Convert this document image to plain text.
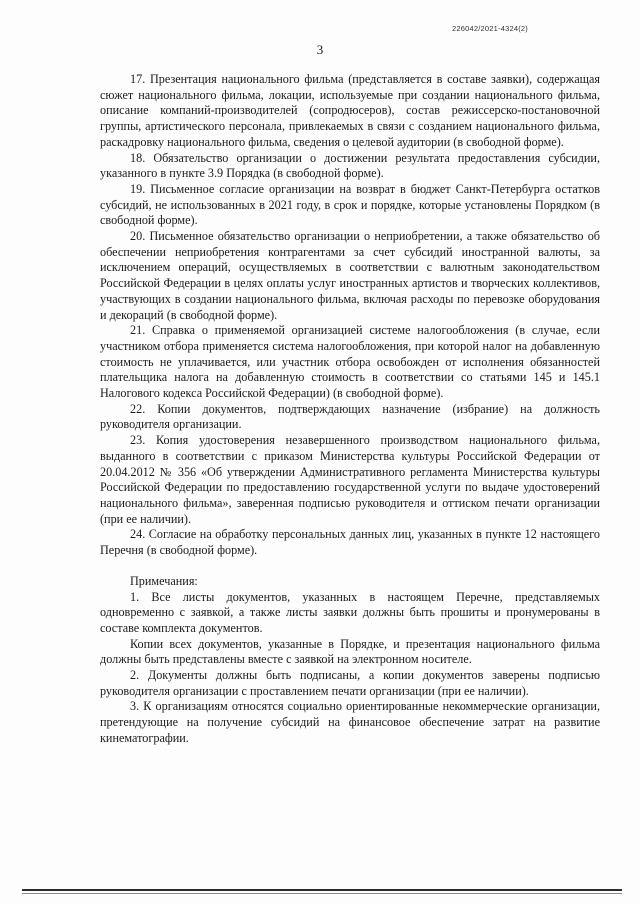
226042/2021-4324(2)
3

17. Презентация национального фильма (представляется в составе заявки), содержащая сюжет национального фильма, локации, используемые при создании национального фильма, описание компаний-производителей (сопродюсеров), состав режиссерско-постановочной группы, артистического персонала, привлекаемых в связи с созданием национального фильма, раскадровку национального фильма, сведения о целевой аудитории (в свободной форме).

18. Обязательство организации о достижении результата предоставления субсидии, указанного в пункте 3.9 Порядка (в свободной форме).

19. Письменное согласие организации на возврат в бюджет Санкт-Петербурга остатков субсидий, не использованных в 2021 году, в срок и порядке, которые установлены Порядком (в свободной форме).

20. Письменное обязательство организации о неприобретении, а также обязательство об обеспечении неприобретения контрагентами за счет субсидий иностранной валюты, за исключением операций, осуществляемых в соответствии с валютным законодательством Российской Федерации в целях оплаты услуг иностранных артистов и творческих коллективов, участвующих в создании национального фильма, включая расходы по перевозке оборудования и декораций (в свободной форме).

21. Справка о применяемой организацией системе налогообложения (в случае, если участником отбора применяется система налогообложения, при которой налог на добавленную стоимость не уплачивается, или участник отбора освобожден от исполнения обязанностей плательщика налога на добавленную стоимость в соответствии со статьями 145 и 145.1 Налогового кодекса Российской Федерации) (в свободной форме).

22. Копии документов, подтверждающих назначение (избрание) на должность руководителя организации.

23. Копия удостоверения незавершенного производством национального фильма, выданного в соответствии с приказом Министерства культуры Российской Федерации от 20.04.2012 № 356 «Об утверждении Административного регламента Министерства культуры Российской Федерации по предоставлению государственной услуги по выдаче удостоверений национального фильма», заверенная подписью руководителя и оттиском печати организации (при ее наличии).

24. Согласие на обработку персональных данных лиц, указанных в пункте 12 настоящего Перечня (в свободной форме).

Примечания:

1. Все листы документов, указанных в настоящем Перечне, представляемых одновременно с заявкой, а также листы заявки должны быть прошиты и пронумерованы в составе комплекта документов.

Копии всех документов, указанные в Порядке, и презентация национального фильма должны быть представлены вместе с заявкой на электронном носителе.

2. Документы должны быть подписаны, а копии документов заверены подписью руководителя организации с проставлением печати организации (при ее наличии).

3. К организациям относятся социально ориентированные некоммерческие организации, претендующие на получение субсидий на финансовое обеспечение затрат на развитие кинематографии.
